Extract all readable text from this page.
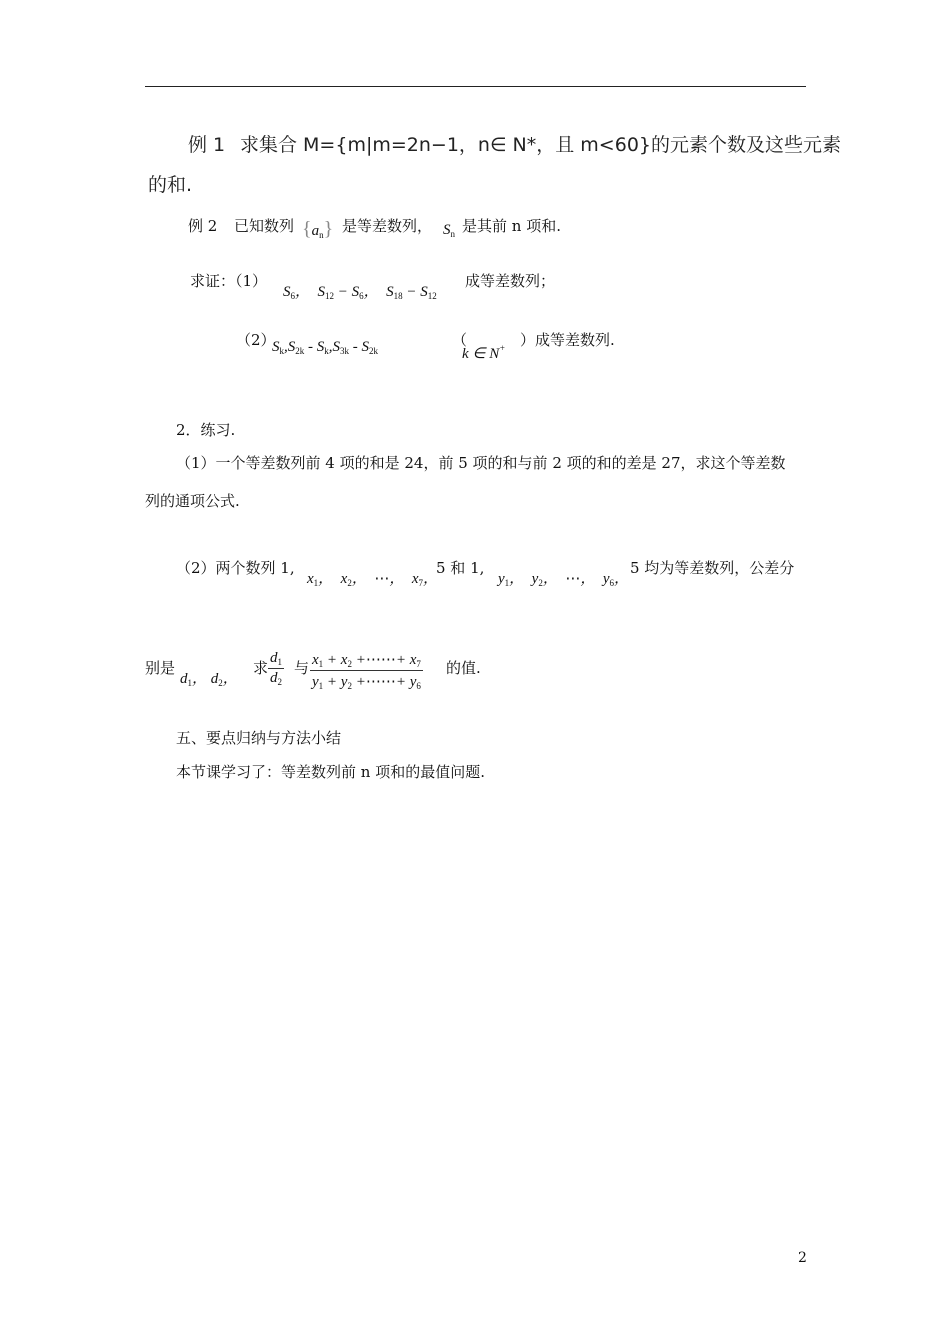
例 1 求集合 M={m|m=2n−1，n∈ N*，且 m<60}的元素个数及这些元素
的和.
例 2 已知数列 $\{a_n\}$ 是等差数列， $S_n$ 是其前 n 项和.
求证：（1）
$S_6$，  $S_{12} - S_6$，  $S_{18} - S_{12}$
成等差数列；
（2）
$S_k,S_{2k} - S_k,S_{3k} - S_{2k}$
（
k ∈ N+ ）成等差数列.
2．练习.
（1）一个等差数列前 4 项的和是 24，前 5 项的和与前 2 项的和的差是 27，求这个等差数
列的通项公式.
（2）两个数列 1,
$x_1$，  $x_2$，  ⋯，  $x_7$，
5 和 1,
$y_1$，  $y_2$，  ⋯，  $y_6$，
5 均为等差数列，公差分
别是
$d_1$， $d_2$，
求 $\frac{d_1}{d_2}$ 与 $\frac{x_1 + x_2 +\cdots\cdots+ x_7}{y_1 + y_2 +\cdots\cdots+ y_6}$ 的值.
五、要点归纳与方法小结
本节课学习了：等差数列前 n 项和的最值问题.
2
